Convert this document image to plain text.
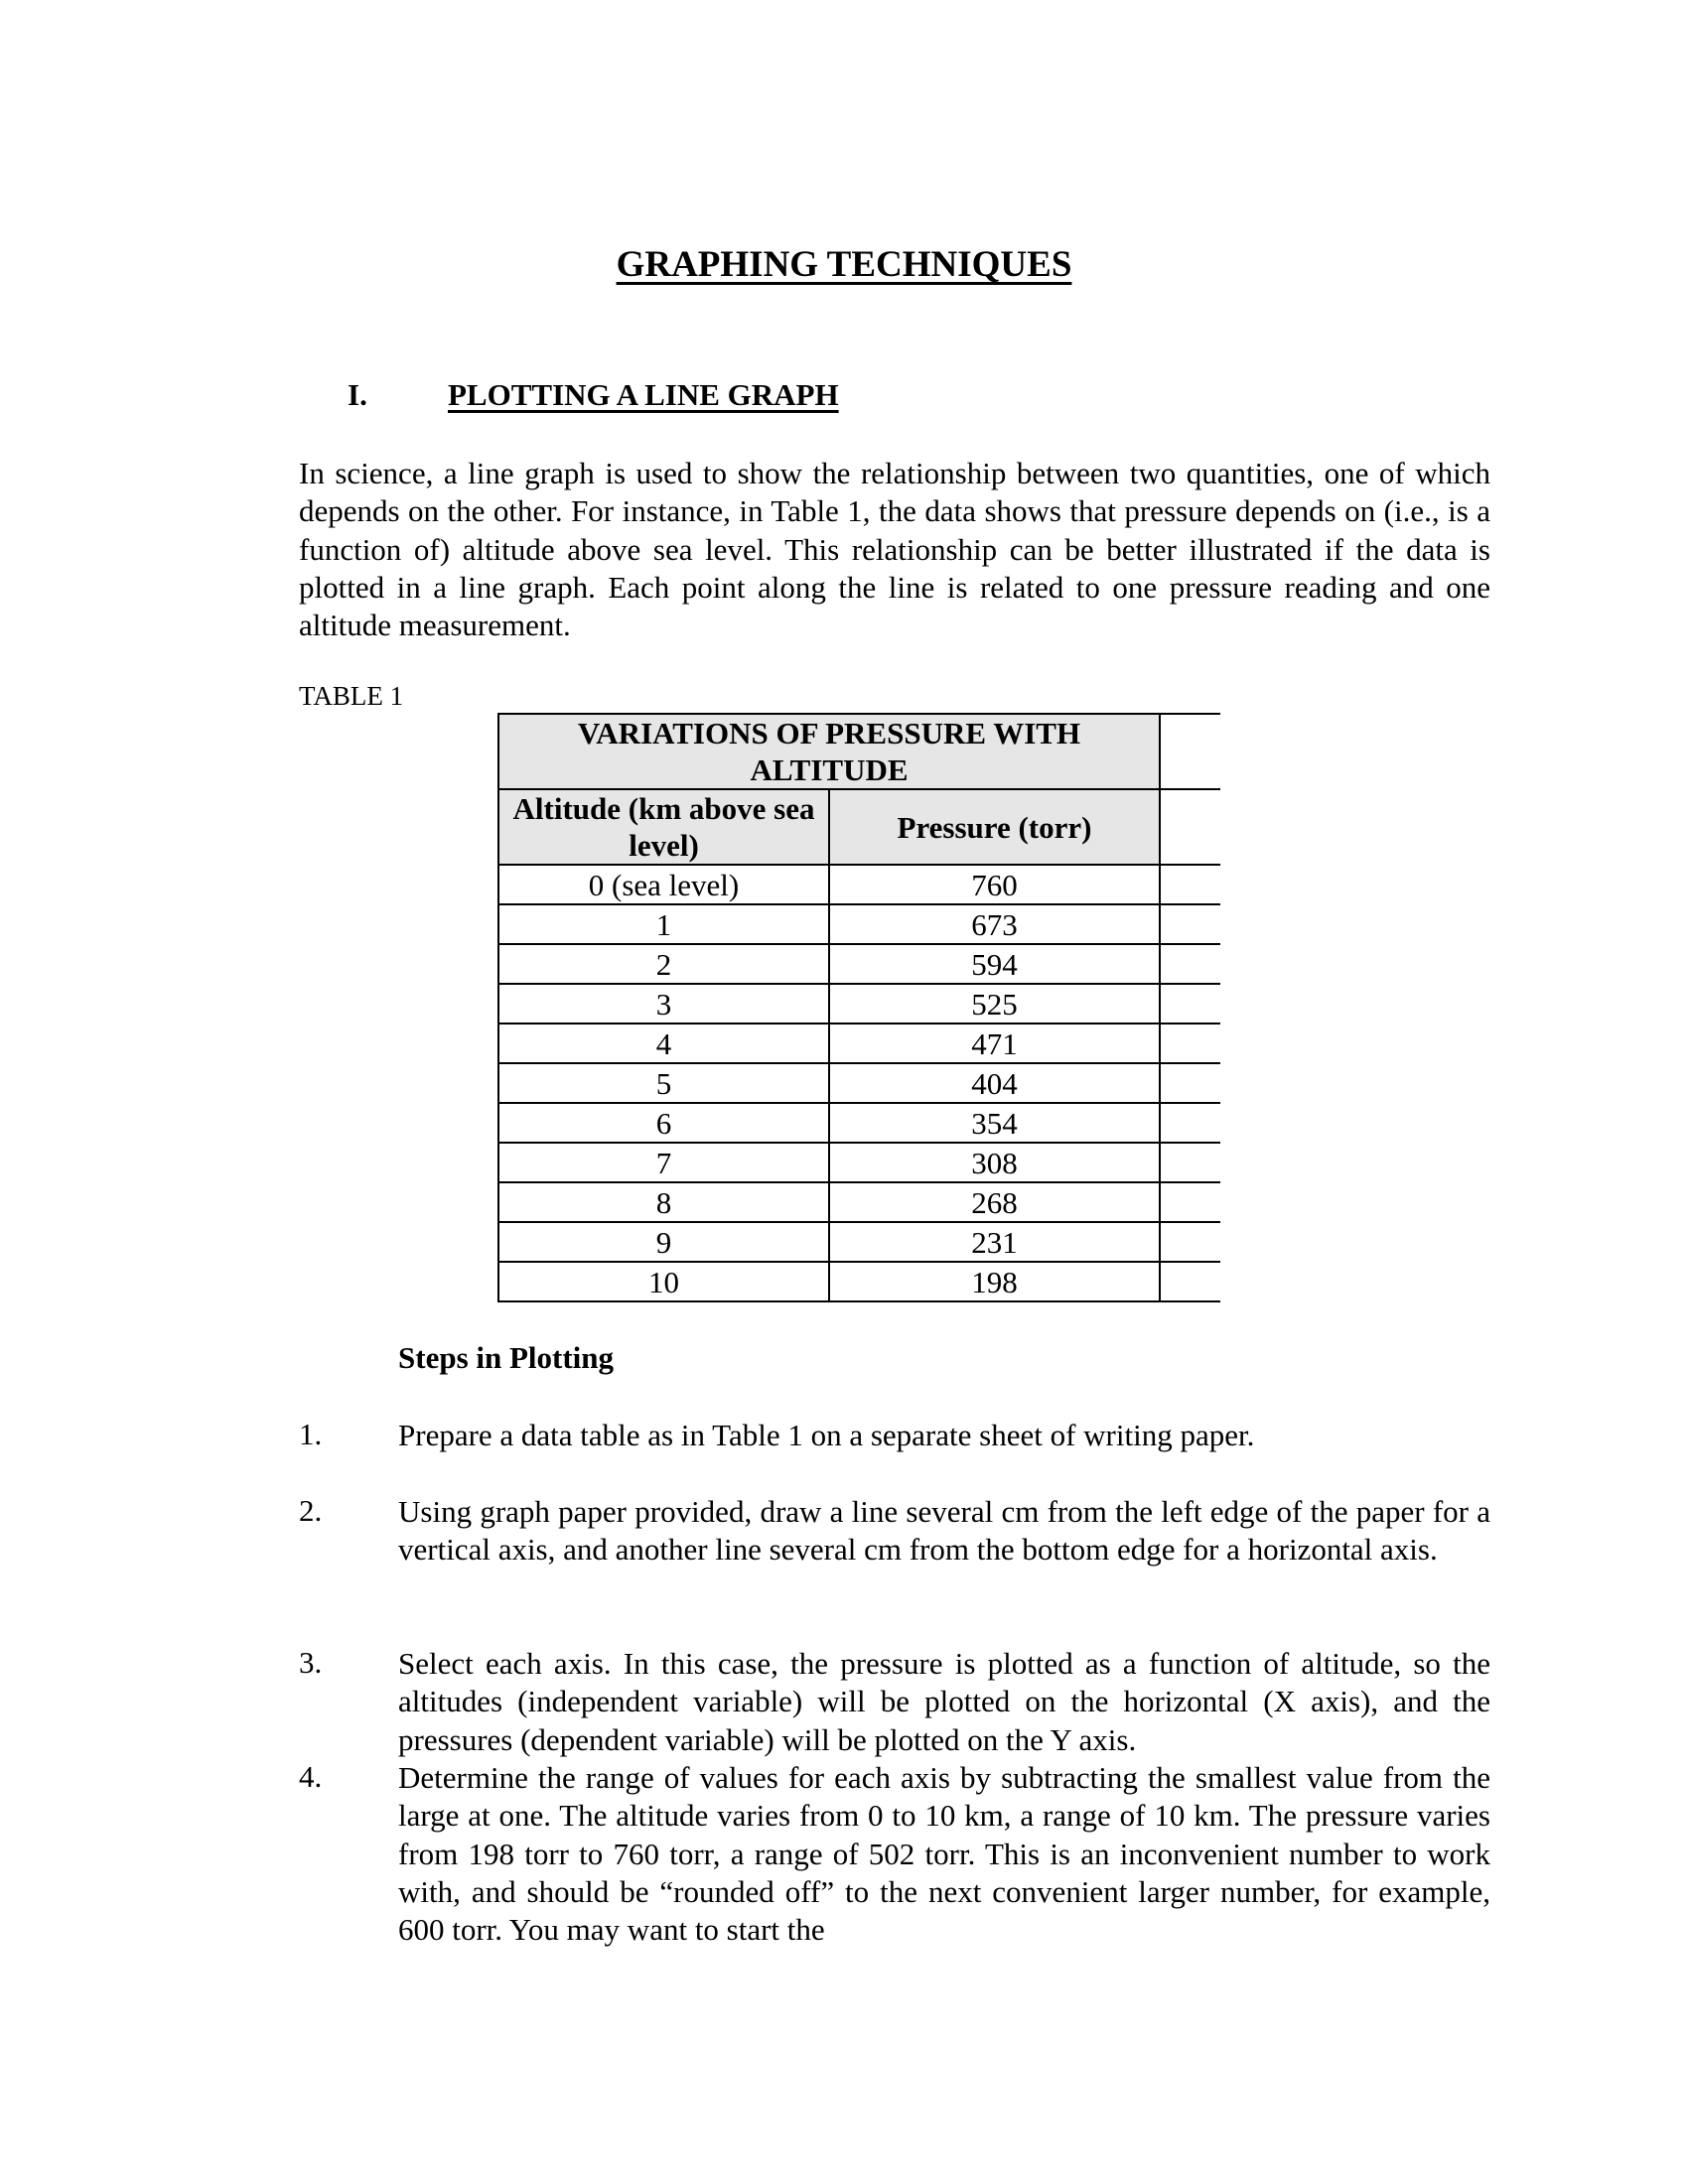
GRAPHING TECHNIQUES
I.	PLOTTING A LINE GRAPH
In science, a line graph is used to show the relationship between two quantities, one of which depends on the other. For instance, in Table 1, the data shows that pressure depends on (i.e., is a function of) altitude above sea level. This relationship can be better illustrated if the data is plotted in a line graph. Each point along the line is related to one pressure reading and one altitude measurement.
TABLE 1
VARIATIONS OF PRESSURE WITH ALTITUDE		
Altitude (km above sea level)	Pressure (torr)	
0 (sea level)	760	
1	673	
2	594	
3	525	
4	471	
5	404	
6	354	
7	308	
8	268	
9	231	
10	198	
Steps in Plotting
1. Prepare a data table as in Table 1 on a separate sheet of writing paper.
2. Using graph paper provided, draw a line several cm from the left edge of the paper for a vertical axis, and another line several cm from the bottom edge for a horizontal axis.
3. Select each axis. In this case, the pressure is plotted as a function of altitude, so the altitudes (independent variable) will be plotted on the horizontal (X axis), and the pressures (dependent variable) will be plotted on the Y axis.
4. Determine the range of values for each axis by subtracting the smallest value from the large at one. The altitude varies from 0 to 10 km, a range of 10 km. The pressure varies from 198 torr to 760 torr, a range of 502 torr. This is an inconvenient number to work with, and should be “rounded off” to the next convenient larger number, for example, 600 torr. You may want to start the
